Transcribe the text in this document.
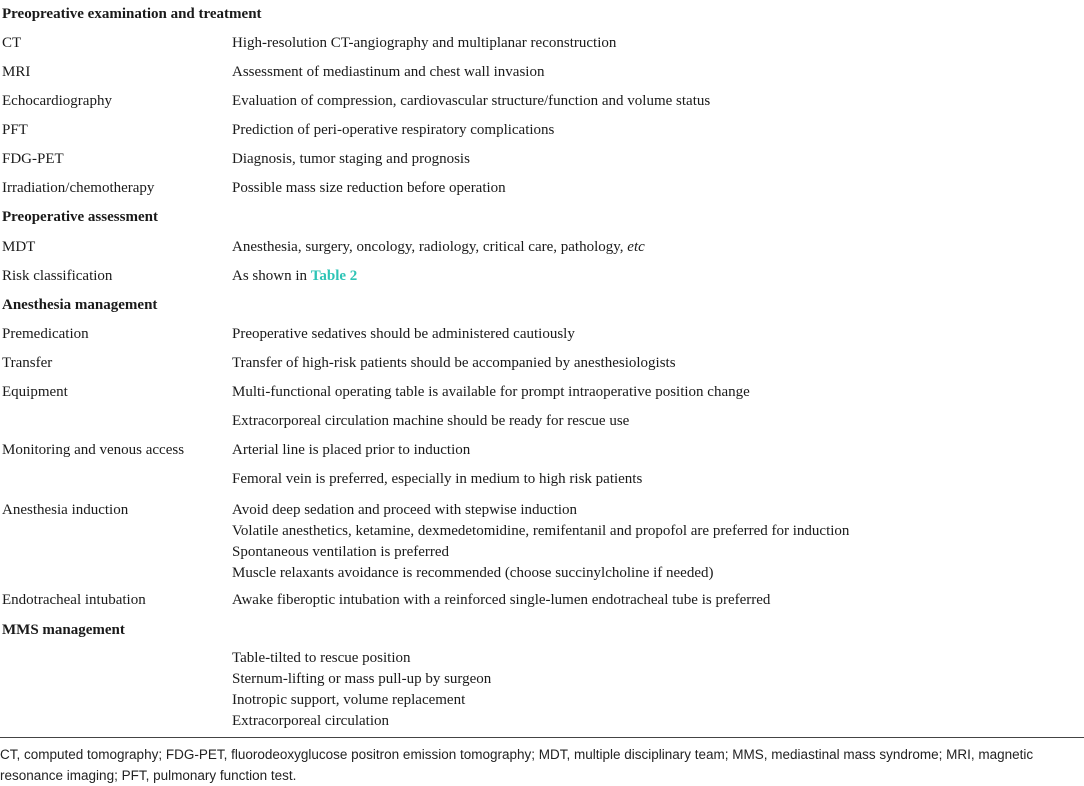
Preopreative examination and treatment
CT	High-resolution CT-angiography and multiplanar reconstruction
MRI	Assessment of mediastinum and chest wall invasion
Echocardiography	Evaluation of compression, cardiovascular structure/function and volume status
PFT	Prediction of peri-operative respiratory complications
FDG-PET	Diagnosis, tumor staging and prognosis
Irradiation/chemotherapy	Possible mass size reduction before operation
Preoperative assessment
MDT	Anesthesia, surgery, oncology, radiology, critical care, pathology, etc
Risk classification	As shown in Table 2
Anesthesia management
Premedication	Preoperative sedatives should be administered cautiously
Transfer	Transfer of high-risk patients should be accompanied by anesthesiologists
Equipment	Multi-functional operating table is available for prompt intraoperative position change
Extracorporeal circulation machine should be ready for rescue use
Monitoring and venous access	Arterial line is placed prior to induction
Femoral vein is preferred, especially in medium to high risk patients
Anesthesia induction	Avoid deep sedation and proceed with stepwise induction
Volatile anesthetics, ketamine, dexmedetomidine, remifentanil and propofol are preferred for induction
Spontaneous ventilation is preferred
Muscle relaxants avoidance is recommended (choose succinylcholine if needed)
Endotracheal intubation	Awake fiberoptic intubation with a reinforced single-lumen endotracheal tube is preferred
MMS management
Table-tilted to rescue position
Sternum-lifting or mass pull-up by surgeon
Inotropic support, volume replacement
Extracorporeal circulation
CT, computed tomography; FDG-PET, fluorodeoxyglucose positron emission tomography; MDT, multiple disciplinary team; MMS, mediastinal mass syndrome; MRI, magnetic resonance imaging; PFT, pulmonary function test.
